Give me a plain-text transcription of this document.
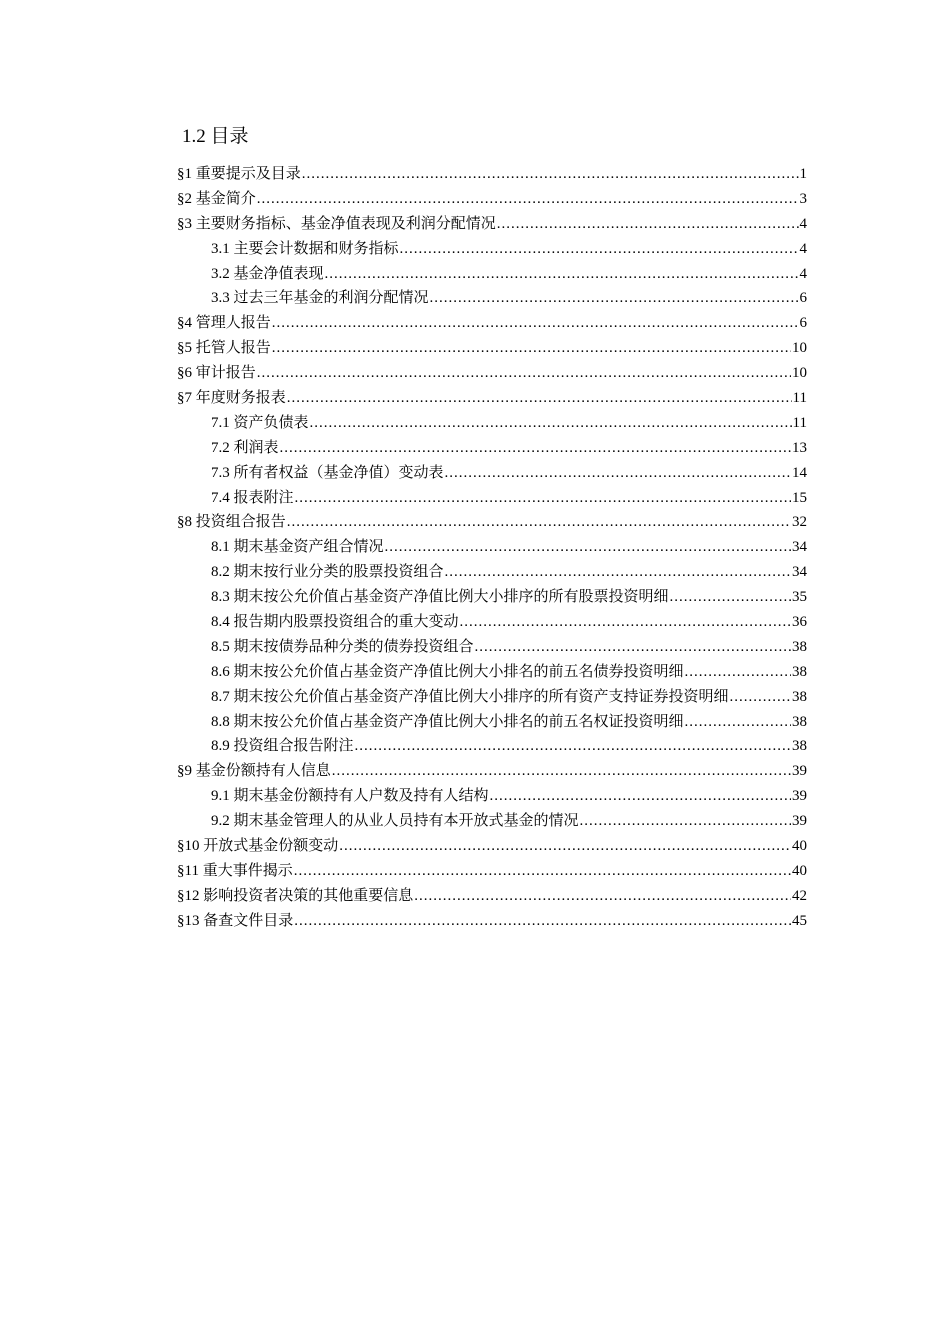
1.2 目录
§1 重要提示及目录 .....	1
§2 基金简介 .....	3
§3 主要财务指标、基金净值表现及利润分配情况 .....	4
3.1 主要会计数据和财务指标 .....	4
3.2 基金净值表现 .....	4
3.3 过去三年基金的利润分配情况 .....	6
§4 管理人报告 .....	6
§5 托管人报告 .....	10
§6 审计报告 .....	10
§7 年度财务报表 .....	11
7.1 资产负债表 .....	11
7.2 利润表 .....	13
7.3 所有者权益（基金净值）变动表 .....	14
7.4 报表附注 .....	15
§8 投资组合报告 .....	32
8.1 期末基金资产组合情况 .....	34
8.2 期末按行业分类的股票投资组合 .....	34
8.3 期末按公允价值占基金资产净值比例大小排序的所有股票投资明细 .....	35
8.4 报告期内股票投资组合的重大变动 .....	36
8.5 期末按债券品种分类的债券投资组合 .....	38
8.6 期末按公允价值占基金资产净值比例大小排名的前五名债券投资明细 .....	38
8.7 期末按公允价值占基金资产净值比例大小排序的所有资产支持证券投资明细 .....	38
8.8 期末按公允价值占基金资产净值比例大小排名的前五名权证投资明细 .....	38
8.9 投资组合报告附注 .....	38
§9 基金份额持有人信息 .....	39
9.1 期末基金份额持有人户数及持有人结构 .....	39
9.2 期末基金管理人的从业人员持有本开放式基金的情况 .....	39
§10 开放式基金份额变动 .....	40
§11 重大事件揭示 .....	40
§12 影响投资者决策的其他重要信息 .....	42
§13 备查文件目录 .....	45
